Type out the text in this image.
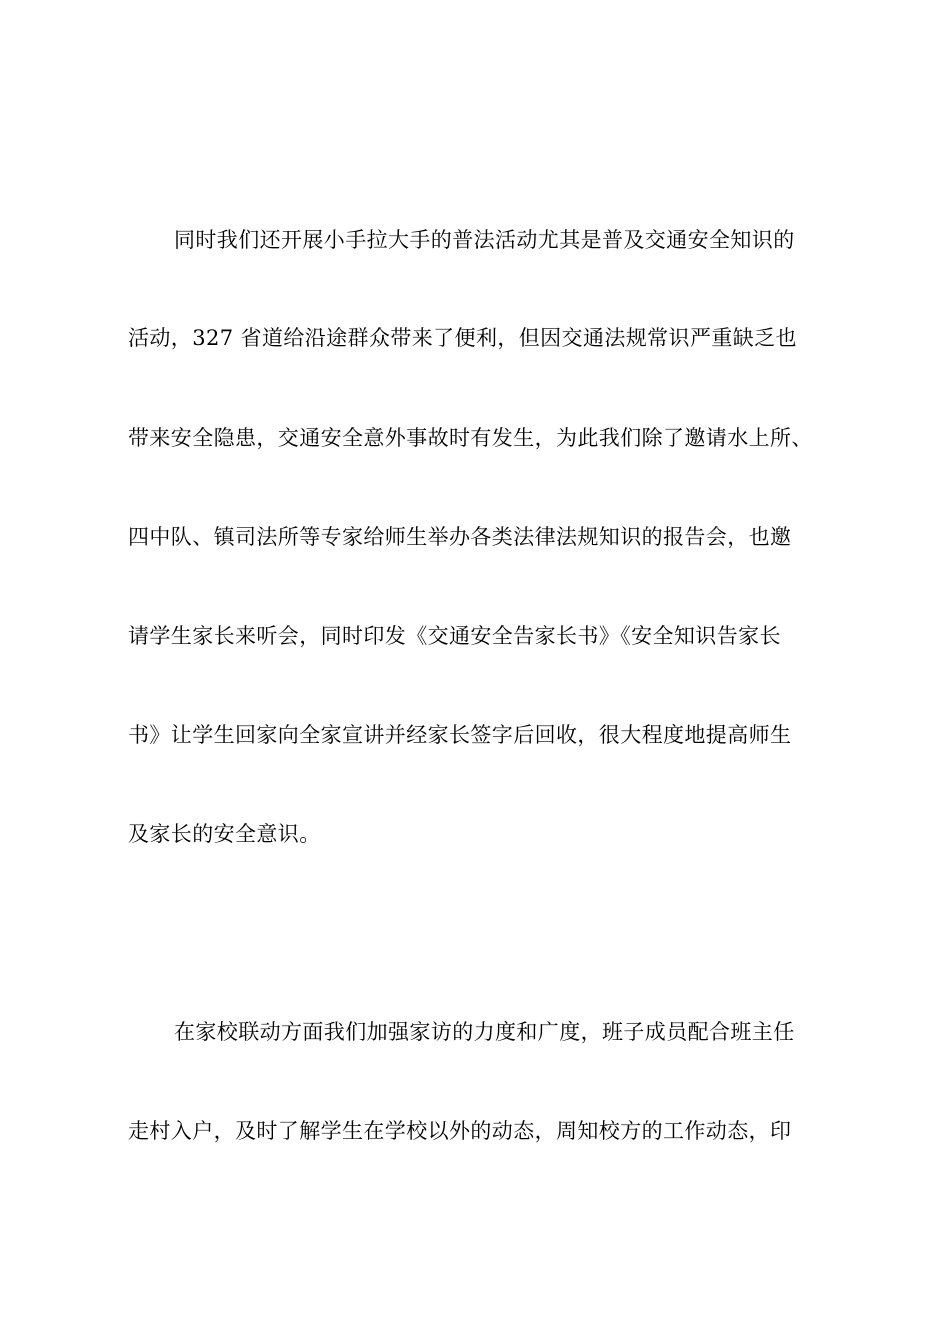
同时我们还开展小手拉大手的普法活动尤其是普及交通安全知识的

活动，327 省道给沿途群众带来了便利，但因交通法规常识严重缺乏也

带来安全隐患，交通安全意外事故时有发生，为此我们除了邀请水上所、

四中队、镇司法所等专家给师生举办各类法律法规知识的报告会，也邀

请学生家长来听会，同时印发《交通安全告家长书》《安全知识告家长

书》让学生回家向全家宣讲并经家长签字后回收，很大程度地提高师生

及家长的安全意识。

在家校联动方面我们加强家访的力度和广度，班子成员配合班主任

走村入户，及时了解学生在学校以外的动态，周知校方的工作动态，印
